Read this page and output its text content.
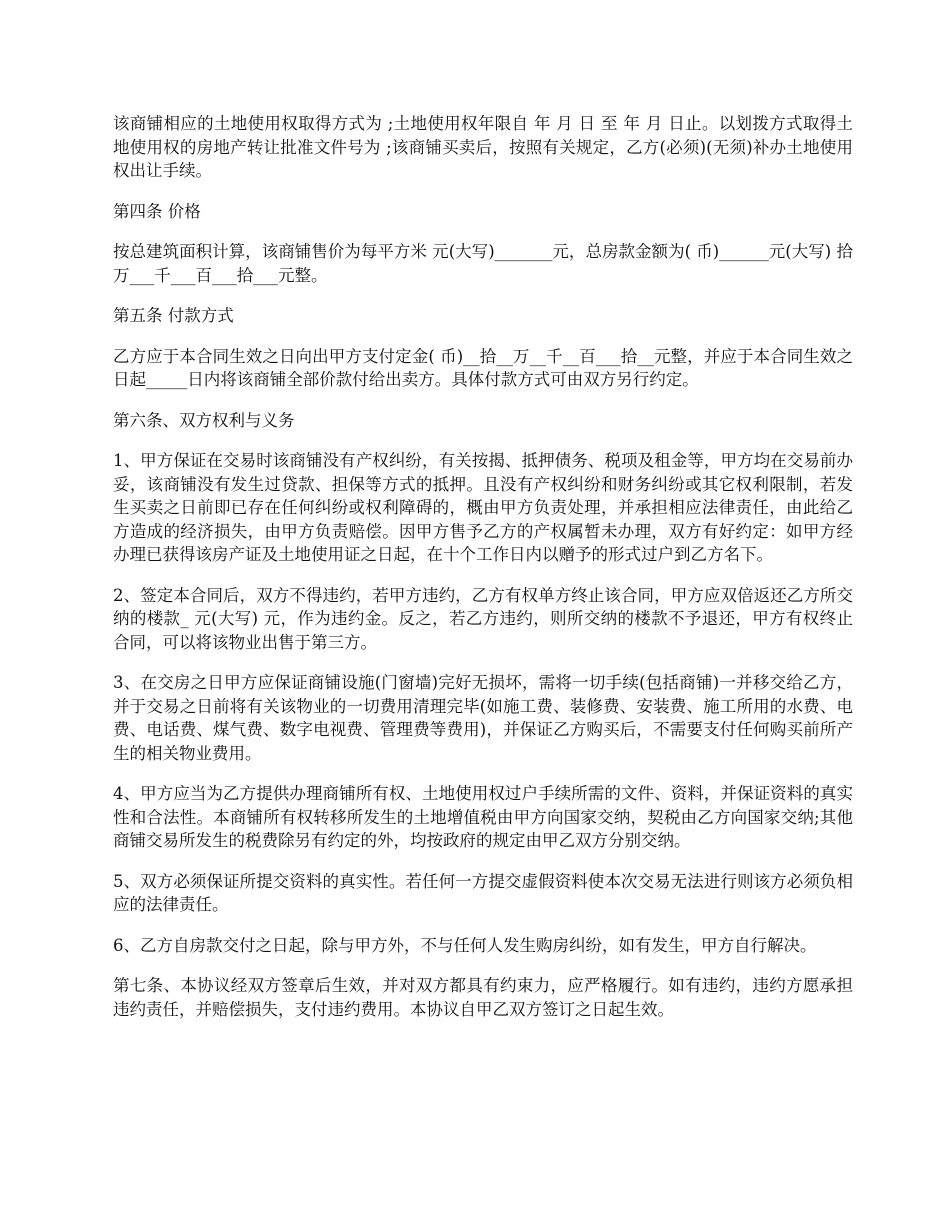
该商铺相应的土地使用权取得方式为 ;土地使用权年限自 年 月 日 至 年 月 日止。以划拨方式取得土地使用权的房地产转让批准文件号为 ;该商铺买卖后，按照有关规定，乙方(必须)(无须)补办土地使用权出让手续。

第四条 价格

按总建筑面积计算，该商铺售价为每平方米 元(大写)_______元，总房款金额为( 币)______元(大写) 拾 万___千___百___拾___元整。

第五条 付款方式

乙方应于本合同生效之日向出甲方支付定金( 币)__拾__万__千__百___拾__元整，并应于本合同生效之日起_____日内将该商铺全部价款付给出卖方。具体付款方式可由双方另行约定。

第六条、双方权利与义务

1、甲方保证在交易时该商铺没有产权纠纷，有关按揭、抵押债务、税项及租金等，甲方均在交易前办妥，该商铺没有发生过贷款、担保等方式的抵押。且没有产权纠纷和财务纠纷或其它权利限制，若发生买卖之日前即已存在任何纠纷或权利障碍的，概由甲方负责处理，并承担相应法律责任，由此给乙方造成的经济损失，由甲方负责赔偿。因甲方售予乙方的产权属暂未办理，双方有好约定：如甲方经办理已获得该房产证及土地使用证之日起，在十个工作日内以赠予的形式过户到乙方名下。

2、签定本合同后，双方不得违约，若甲方违约，乙方有权单方终止该合同，甲方应双倍返还乙方所交纳的楼款_ 元(大写) 元，作为违约金。反之，若乙方违约，则所交纳的楼款不予退还，甲方有权终止合同，可以将该物业出售于第三方。

3、在交房之日甲方应保证商铺设施(门窗墙)完好无损坏，需将一切手续(包括商铺)一并移交给乙方，并于交易之日前将有关该物业的一切费用清理完毕(如施工费、装修费、安装费、施工所用的水费、电费、电话费、煤气费、数字电视费、管理费等费用)，并保证乙方购买后，不需要支付任何购买前所产生的相关物业费用。

4、甲方应当为乙方提供办理商铺所有权、土地使用权过户手续所需的文件、资料，并保证资料的真实性和合法性。本商铺所有权转移所发生的土地增值税由甲方向国家交纳，契税由乙方向国家交纳;其他商铺交易所发生的税费除另有约定的外，均按政府的规定由甲乙双方分别交纳。

5、双方必须保证所提交资料的真实性。若任何一方提交虚假资料使本次交易无法进行则该方必须负相应的法律责任。

6、乙方自房款交付之日起，除与甲方外，不与任何人发生购房纠纷，如有发生，甲方自行解决。

第七条、本协议经双方签章后生效，并对双方都具有约束力，应严格履行。如有违约，违约方愿承担违约责任，并赔偿损失，支付违约费用。本协议自甲乙双方签订之日起生效。
